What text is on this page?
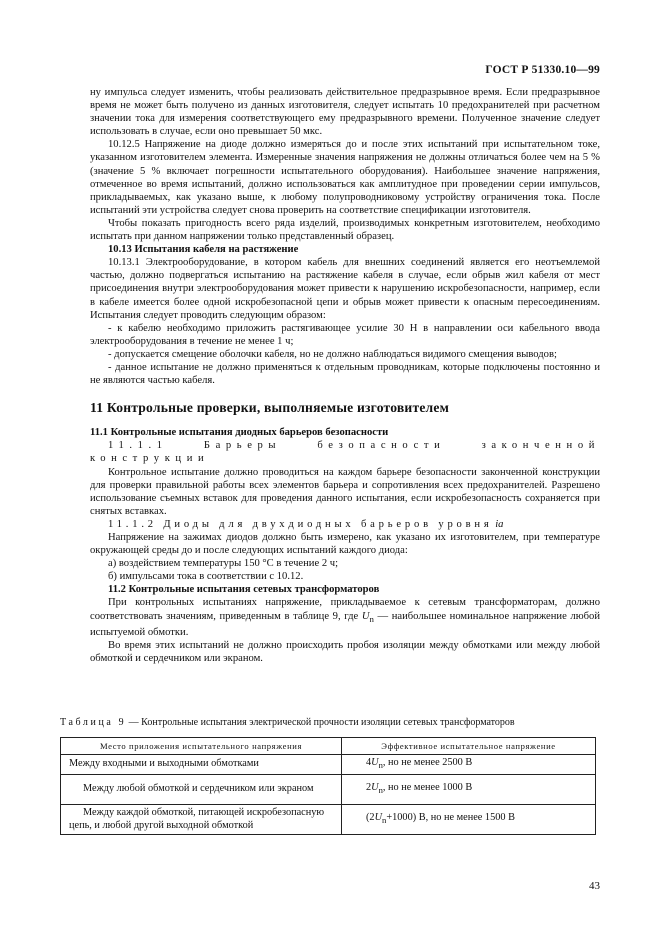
ГОСТ Р 51330.10—99

ну импульса следует изменить, чтобы реализовать действительное предразрывное время. Если предразрывное время не может быть получено из данных изготовителя, следует испытать 10 предохранителей при расчетном значении тока для измерения соответствующего ему предразрывного времени. Полученное значение следует использовать в случае, если оно превышает 50 мкс.

10.12.5 Напряжение на диоде должно измеряться до и после этих испытаний при испытательном токе, указанном изготовителем элемента. Измеренные значения напряжения не должны отличаться более чем на 5 % (значение 5 % включает погрешности испытательного оборудования). Наибольшее значение напряжения, отмеченное во время испытаний, должно использоваться как амплитудное при проведении серии импульсов, прикладываемых, как указано выше, к любому полупроводниковому устройству ограничения тока. После испытаний эти устройства следует снова проверить на соответствие спецификации изготовителя.

Чтобы показать пригодность всего ряда изделий, производимых конкретным изготовителем, необходимо испытать при данном напряжении только представленный образец.

10.13 Испытания кабеля на растяжение

10.13.1 Электрооборудование, в котором кабель для внешних соединений является его неотъемлемой частью, должно подвергаться испытанию на растяжение кабеля в случае, если обрыв жил кабеля от мест присоединения внутри электрооборудования может привести к нарушению искробезопасности, например, если в кабеле имеется более одной искробезопасной цепи и обрыв может привести к опасным пересоединениям. Испытания следует проводить следующим образом:

- к кабелю необходимо приложить растягивающее усилие 30 Н в направлении оси кабельного ввода электрооборудования в течение не менее 1 ч;

- допускается смещение оболочки кабеля, но не должно наблюдаться видимого смещения выводов;

- данное испытание не должно применяться к отдельным проводникам, которые подключены постоянно и не являются частью кабеля.

11 Контрольные проверки, выполняемые изготовителем

11.1 Контрольные испытания диодных барьеров безопасности

11.1.1 Барьеры безопасности законченной конструкции

Контрольное испытание должно проводиться на каждом барьере безопасности законченной конструкции для проверки правильной работы всех элементов барьера и сопротивления всех предохранителей. Разрешено использование съемных вставок для проведения данного испытания, если искробезопасность сохраняется при снятых вставках.

11.1.2 Диоды для двухдиодных барьеров уровня ia

Напряжение на зажимах диодов должно быть измерено, как указано их изготовителем, при температуре окружающей среды до и после следующих испытаний каждого диода:

а) воздействием температуры 150 °С в течение 2 ч;

б) импульсами тока в соответствии с 10.12.

11.2 Контрольные испытания сетевых трансформаторов

При контрольных испытаниях напряжение, прикладываемое к сетевым трансформаторам, должно соответствовать значениям, приведенным в таблице 9, где $U_n$ — наибольшее номинальное напряжение любой испытуемой обмотки.

Во время этих испытаний не должно происходить пробоя изоляции между обмотками или между любой обмоткой и сердечником или экраном.

Таблица 9 — Контрольные испытания электрической прочности изоляции сетевых трансформаторов
Место приложения испытательного напряжения	Эффективное испытательное напряжение
Между входными и выходными обмотками	$4U_n$, но не менее 2500 В
Между любой обмоткой и сердечником или экраном	$2U_n$, но не менее 1000 В
Между каждой обмоткой, питающей искробезопасную цепь, и любой другой выходной обмоткой	$(2U_n+1000)$ В, но не менее 1500 В
43
